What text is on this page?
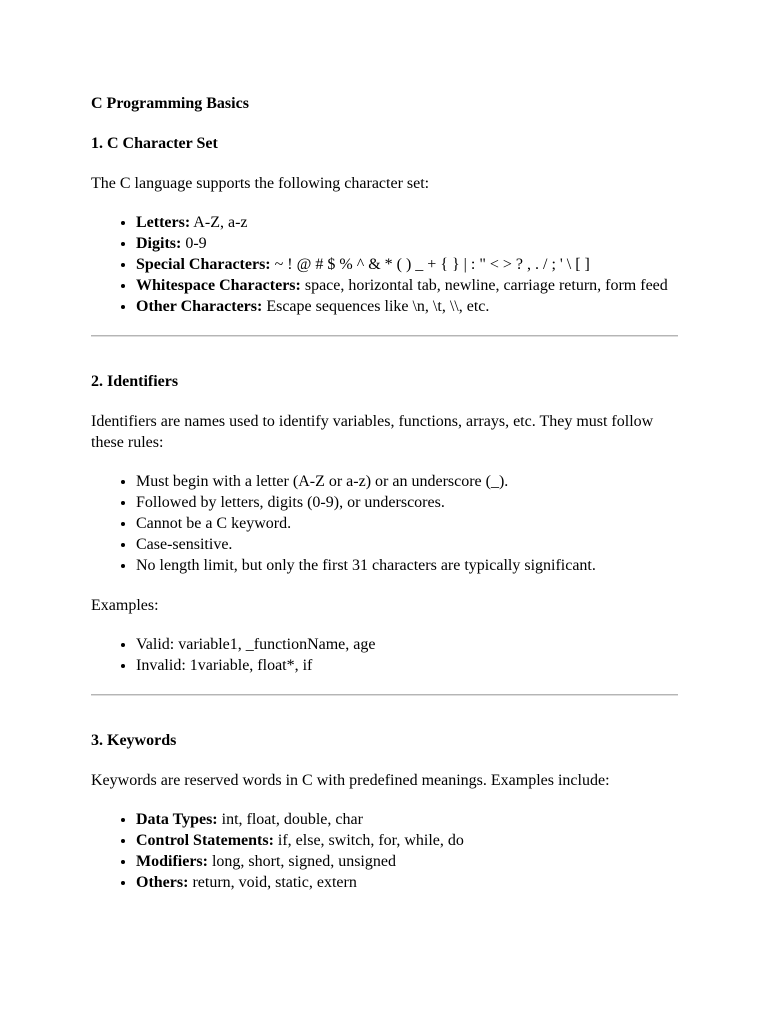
C Programming Basics
1. C Character Set

The C language supports the following character set:

• Letters: A-Z, a-z
• Digits: 0-9
• Special Characters: ~ ! @ # $ % ^ & * ( ) _ + { } | : " < > ? , . / ; ' \ [ ]
• Whitespace Characters: space, horizontal tab, newline, carriage return, form feed
• Other Characters: Escape sequences like \n, \t, \\, etc.
2. Identifiers

Identifiers are names used to identify variables, functions, arrays, etc. They must follow these rules:

• Must begin with a letter (A-Z or a-z) or an underscore (_).
• Followed by letters, digits (0-9), or underscores.
• Cannot be a C keyword.
• Case-sensitive.
• No length limit, but only the first 31 characters are typically significant.

Examples:

• Valid: variable1, _functionName, age
• Invalid: 1variable, float*, if
3. Keywords

Keywords are reserved words in C with predefined meanings. Examples include:

• Data Types: int, float, double, char
• Control Statements: if, else, switch, for, while, do
• Modifiers: long, short, signed, unsigned
• Others: return, void, static, extern
